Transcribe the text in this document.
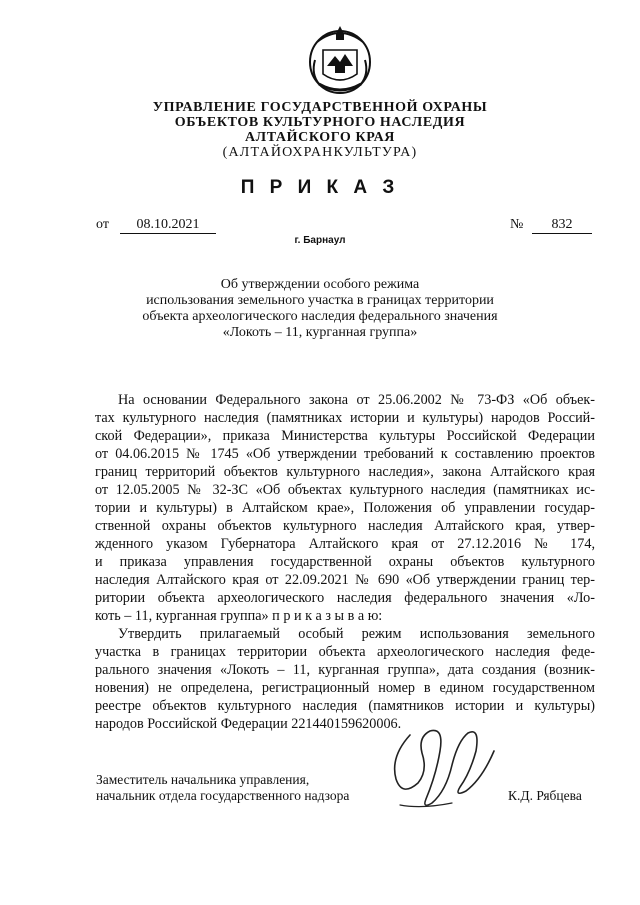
УПРАВЛЕНИЕ ГОСУДАРСТВЕННОЙ ОХРАНЫ
ОБЪЕКТОВ КУЛЬТУРНОГО НАСЛЕДИЯ
АЛТАЙСКОГО КРАЯ
(АЛТАЙОХРАНКУЛЬТУРА)
П Р И К А З
от	08.10.2021	№	832
г. Барнаул
Об утверждении особого режима
использования земельного участка в границах территории
объекта археологического наследия федерального значения
«Локоть – 11, курганная группа»
На основании Федерального закона от 25.06.2002 № 73-ФЗ «Об объек-
тах культурного наследия (памятниках истории и культуры) народов Россий-
ской Федерации», приказа Министерства культуры Российской Федерации
от 04.06.2015 № 1745 «Об утверждении требований к составлению проектов
границ территорий объектов культурного наследия», закона Алтайского края
от 12.05.2005 № 32-ЗС «Об объектах культурного наследия (памятниках ис-
тории и культуры) в Алтайском крае», Положения об управлении государ-
ственной охраны объектов культурного наследия Алтайского края, утвер-
жденного указом Губернатора Алтайского края от 27.12.2016 № 174,
и приказа управления государственной охраны объектов культурного
наследия Алтайского края от 22.09.2021 № 690 «Об утверждении границ тер-
ритории объекта археологического наследия федерального значения «Ло-
коть – 11, курганная группа» п р и к а з ы в а ю:
Утвердить прилагаемый особый режим использования земельного
участка в границах территории объекта археологического наследия феде-
рального значения «Локоть – 11, курганная группа», дата создания (возник-
новения) не определена, регистрационный номер в едином государственном
реестре объектов культурного наследия (памятников истории и культуры)
народов Российской Федерации 221440159620006.
Заместитель начальника управления,
начальник отдела государственного надзора	К.Д. Рябцева
